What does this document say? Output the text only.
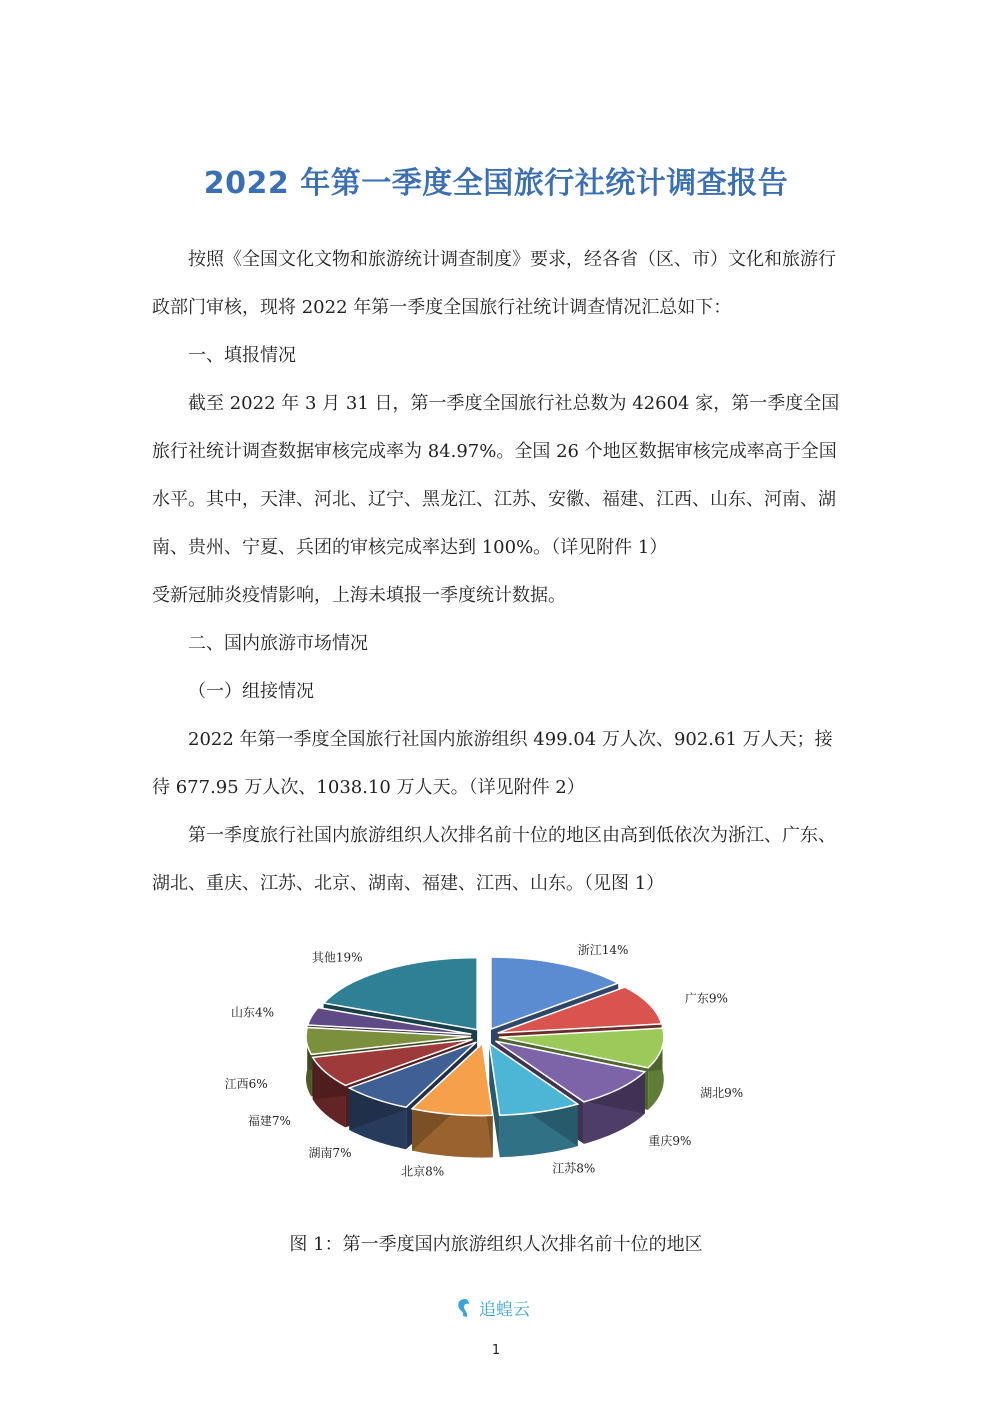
2022 年第一季度全国旅行社统计调查报告

按照《全国文化文物和旅游统计调查制度》要求，经各省（区、市）文化和旅游行政部门审核，现将 2022 年第一季度全国旅行社统计调查情况汇总如下：

一、填报情况

截至 2022 年 3 月 31 日，第一季度全国旅行社总数为 42604 家，第一季度全国旅行社统计调查数据审核完成率为 84.97%。全国 26 个地区数据审核完成率高于全国水平。其中，天津、河北、辽宁、黑龙江、江苏、安徽、福建、江西、山东、河南、湖南、贵州、宁夏、兵团的审核完成率达到 100%。（详见附件 1）

受新冠肺炎疫情影响，上海未填报一季度统计数据。

二、国内旅游市场情况

（一）组接情况

2022 年第一季度全国旅行社国内旅游组织 499.04 万人次、902.61 万人天；接待 677.95 万人次、1038.10 万人天。（详见附件 2）

第一季度旅行社国内旅游组织人次排名前十位的地区由高到低依次为浙江、广东、湖北、重庆、江苏、北京、湖南、福建、江西、山东。（见图 1）

浙江14%
广东9%
湖北9%
重庆9%
江苏8%
北京8%
湖南7%
福建7%
江西6%
山东4%
其他19%
图 1：第一季度国内旅游组织人次排名前十位的地区
追蝗云
1
